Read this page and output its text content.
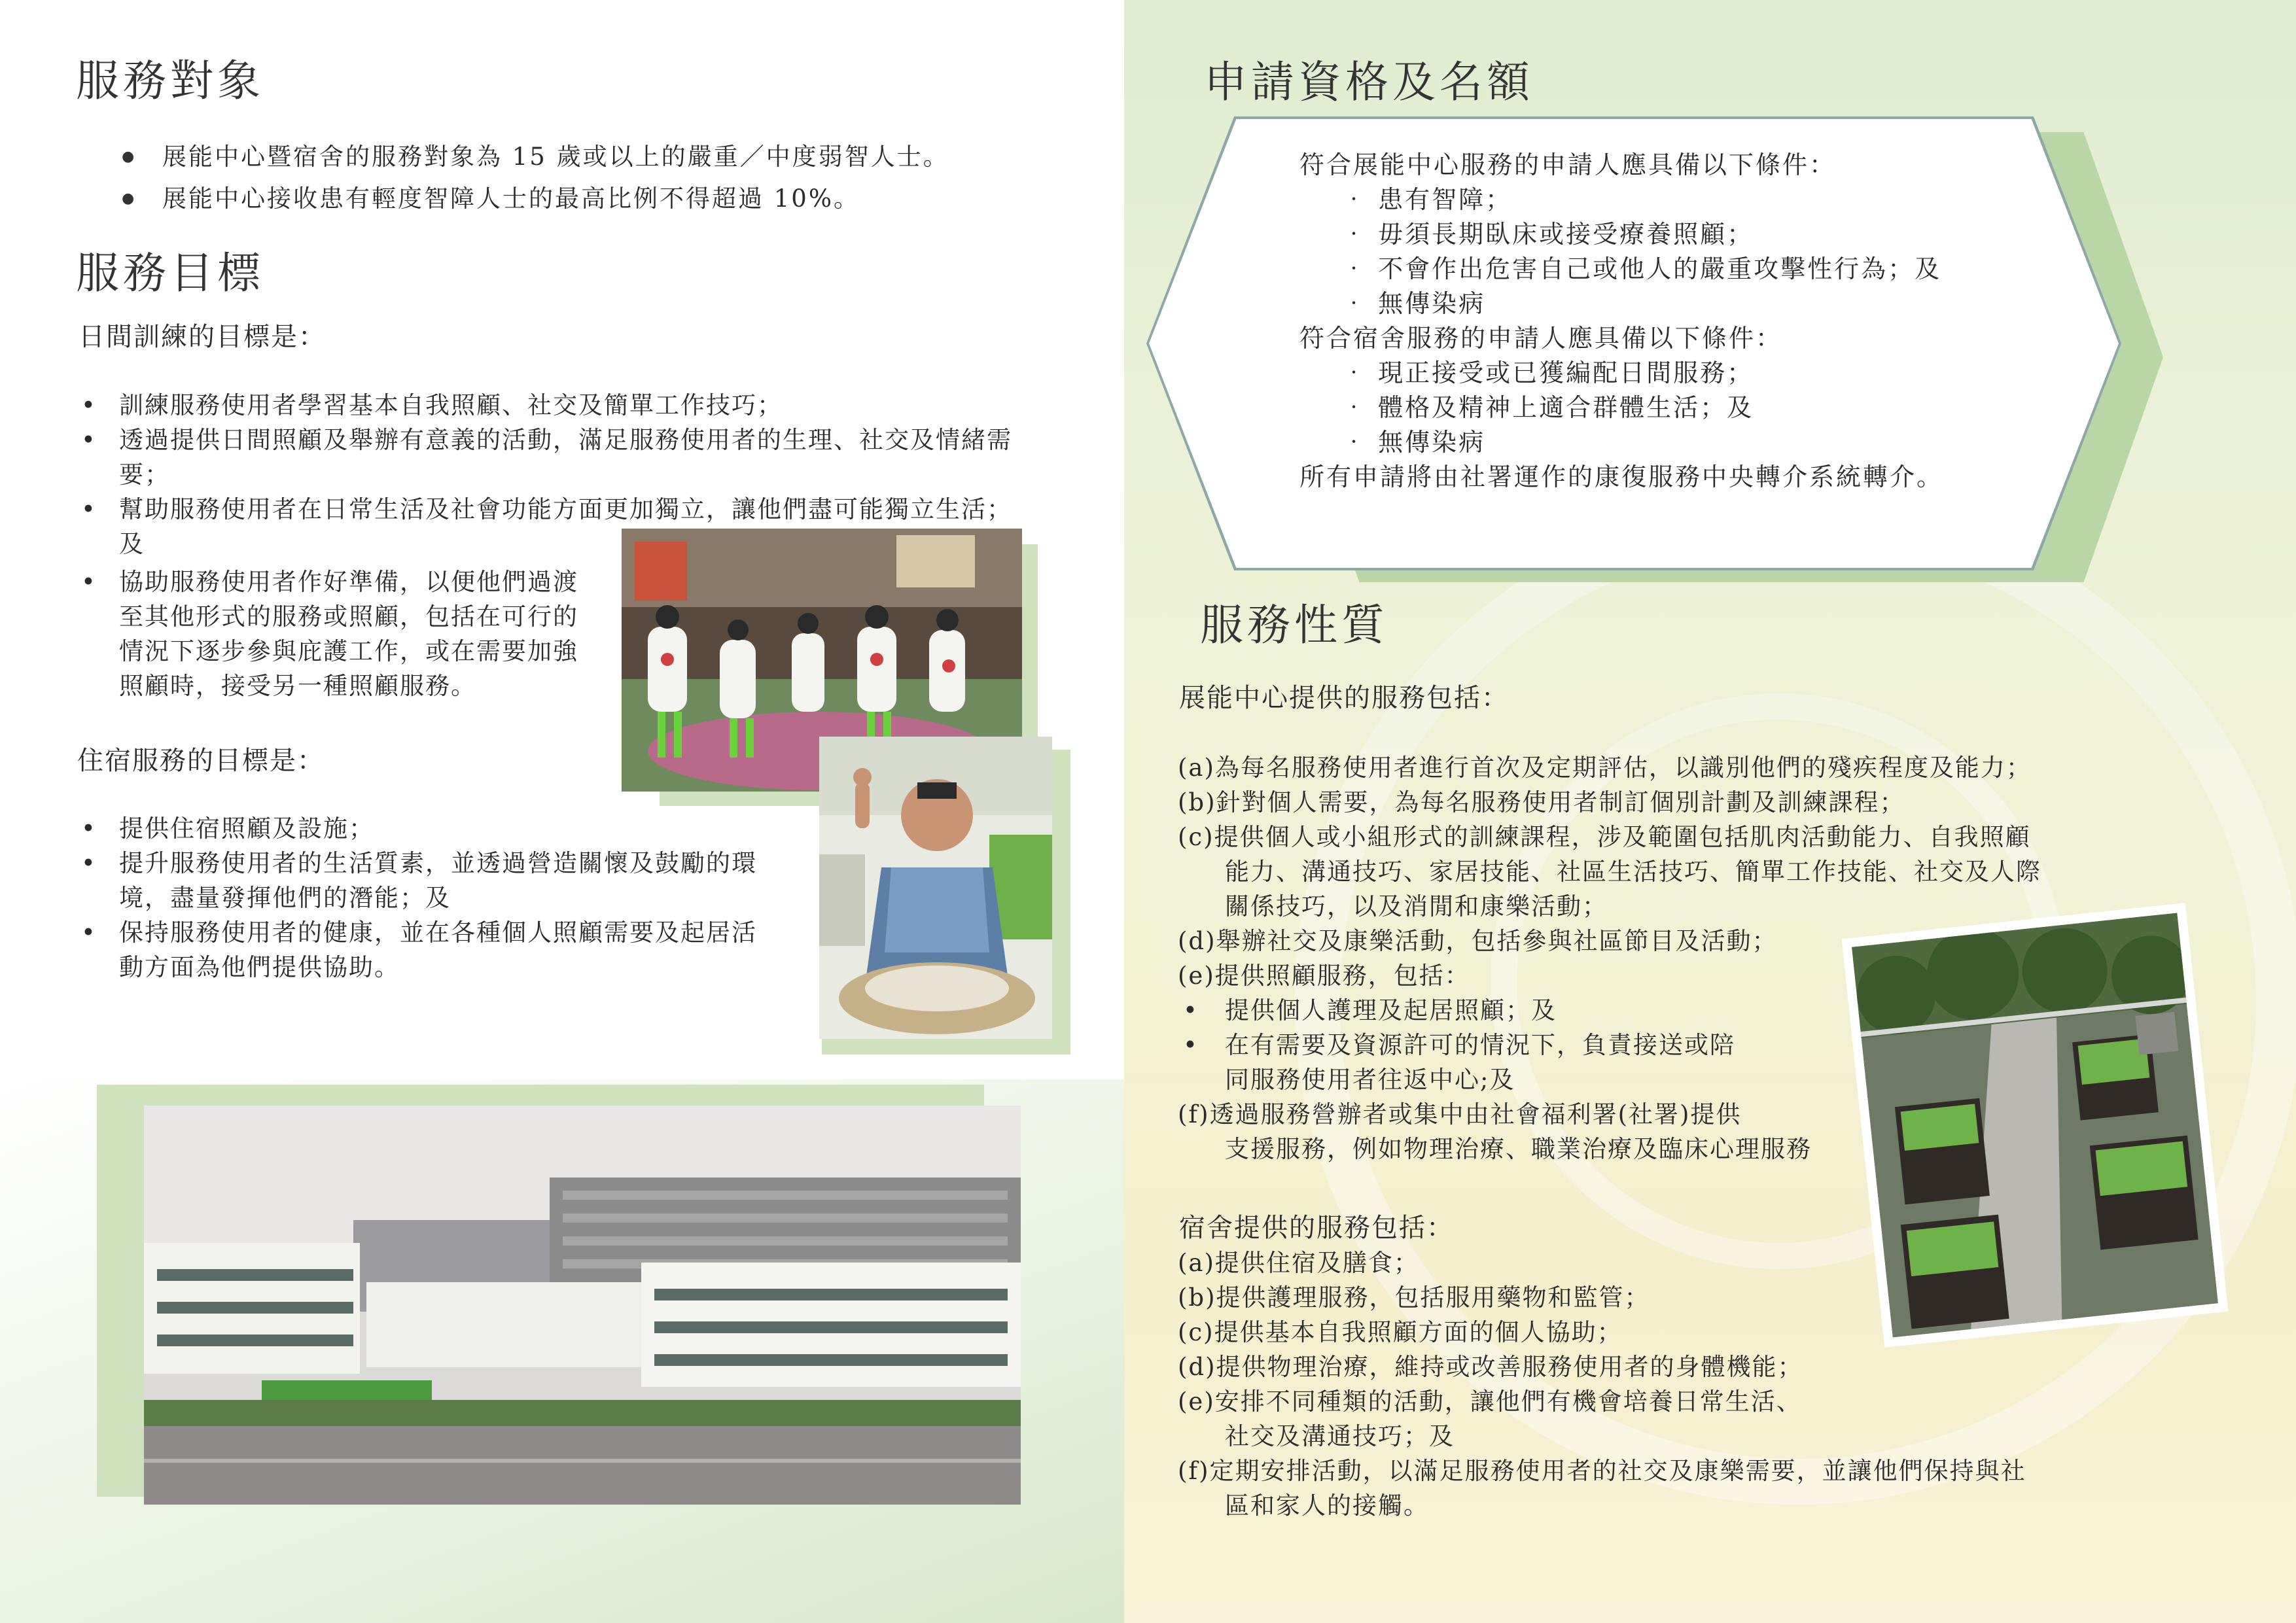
服務對象
● 展能中心暨宿舍的服務對象為 15 歲或以上的嚴重／中度弱智人士。
● 展能中心接收患有輕度智障人士的最高比例不得超過 10%。
服務目標

日間訓練的目標是：

• 訓練服務使用者學習基本自我照顧、社交及簡單工作技巧；
• 透過提供日間照顧及舉辦有意義的活動，滿足服務使用者的生理、社交及情緒需要；
• 幫助服務使用者在日常生活及社會功能方面更加獨立，讓他們盡可能獨立生活；及
• 協助服務使用者作好準備，以便他們過渡至其他形式的服務或照顧，包括在可行的情況下逐步參與庇護工作，或在需要加強照顧時，接受另一種照顧服務。

住宿服務的目標是：

• 提供住宿照顧及設施；
• 提升服務使用者的生活質素，並透過營造關懷及鼓勵的環境，盡量發揮他們的潛能；及
• 保持服務使用者的健康，並在各種個人照顧需要及起居活動方面為他們提供協助。
申請資格及名額
符合展能中心服務的申請人應具備以下條件：
‧ 患有智障；
‧ 毋須長期臥床或接受療養照顧；
‧ 不會作出危害自己或他人的嚴重攻擊性行為；及
‧ 無傳染病
符合宿舍服務的申請人應具備以下條件：
‧ 現正接受或已獲編配日間服務；
‧ 體格及精神上適合群體生活；及
‧ 無傳染病
所有申請將由社署運作的康復服務中央轉介系統轉介。
服務性質

展能中心提供的服務包括：

(a)為每名服務使用者進行首次及定期評估，以識別他們的殘疾程度及能力；
(b)針對個人需要，為每名服務使用者制訂個別計劃及訓練課程；
(c)提供個人或小組形式的訓練課程，涉及範圍包括肌肉活動能力、自我照顧
能力、溝通技巧、家居技能、社區生活技巧、簡單工作技能、社交及人際
關係技巧，以及消閒和康樂活動；
(d)舉辦社交及康樂活動，包括參與社區節目及活動；
(e)提供照顧服務，包括：
• 提供個人護理及起居照顧；及
• 在有需要及資源許可的情況下，負責接送或陪
同服務使用者往返中心;及
(f)透過服務營辦者或集中由社會福利署(社署)提供
支援服務，例如物理治療、職業治療及臨床心理服務

宿舍提供的服務包括：

(a)提供住宿及膳食；
(b)提供護理服務，包括服用藥物和監管；
(c)提供基本自我照顧方面的個人協助；
(d)提供物理治療，維持或改善服務使用者的身體機能；
(e)安排不同種類的活動，讓他們有機會培養日常生活、
社交及溝通技巧；及
(f)定期安排活動，以滿足服務使用者的社交及康樂需要，並讓他們保持與社
區和家人的接觸。
